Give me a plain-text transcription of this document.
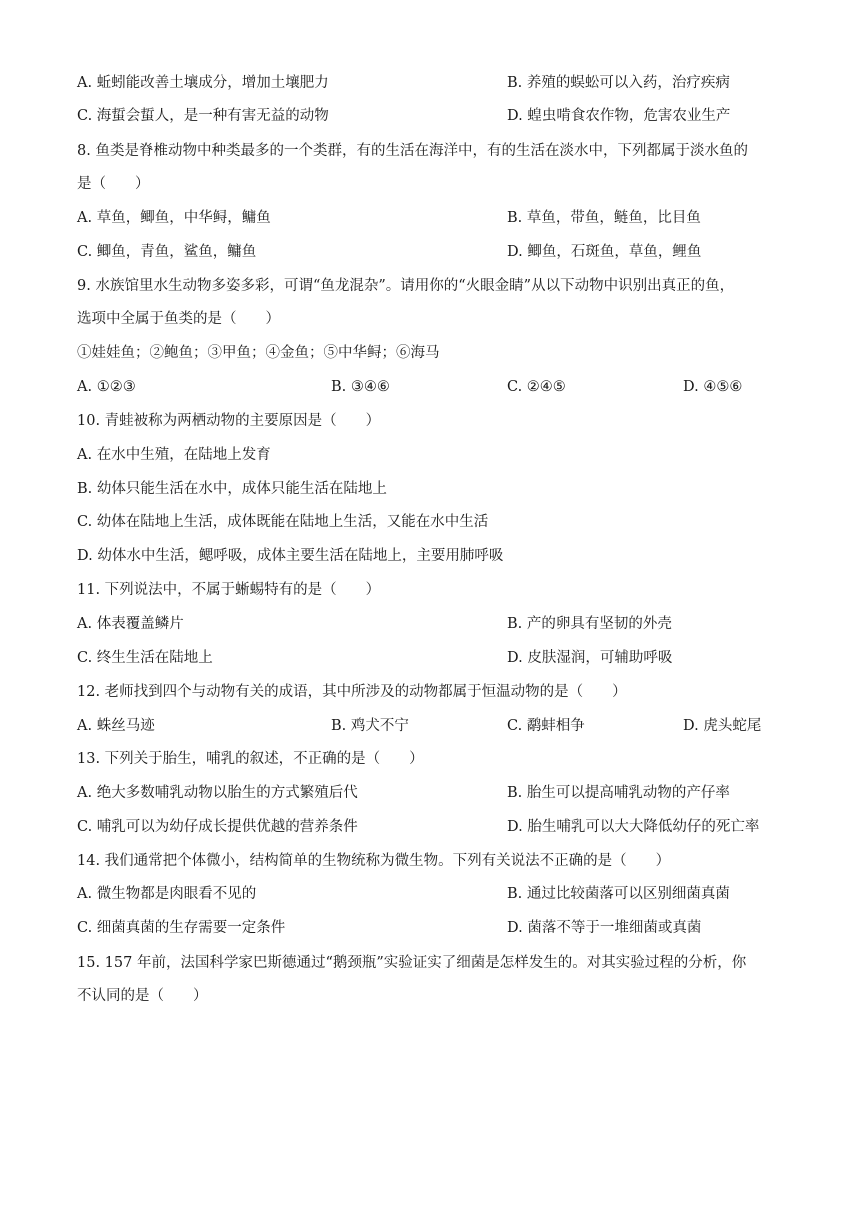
A. 蚯蚓能改善土壤成分，增加土壤肥力	B. 养殖的蜈蚣可以入药，治疗疾病
C. 海蜇会蜇人，是一种有害无益的动物	D. 蝗虫啃食农作物，危害农业生产
8. 鱼类是脊椎动物中种类最多的一个类群，有的生活在海洋中，有的生活在淡水中，下列都属于淡水鱼的
是（　　）
A. 草鱼，鲫鱼，中华鲟，鳙鱼	B. 草鱼，带鱼，鲢鱼，比目鱼
C. 鲫鱼，青鱼，鲨鱼，鳙鱼	D. 鲫鱼，石斑鱼，草鱼，鲤鱼
9. 水族馆里水生动物多姿多彩，可谓“鱼龙混杂”。请用你的“火眼金睛”从以下动物中识别出真正的鱼，
选项中全属于鱼类的是（　　）
①娃娃鱼；②鲍鱼；③甲鱼；④金鱼；⑤中华鲟；⑥海马
A. ①②③	B. ③④⑥	C. ②④⑤	D. ④⑤⑥
10. 青蛙被称为两栖动物的主要原因是（　　）
A. 在水中生殖，在陆地上发育
B. 幼体只能生活在水中，成体只能生活在陆地上
C. 幼体在陆地上生活，成体既能在陆地上生活，又能在水中生活
D. 幼体水中生活，鳃呼吸，成体主要生活在陆地上，主要用肺呼吸
11. 下列说法中，不属于蜥蜴特有的是（　　）
A. 体表覆盖鳞片	B. 产的卵具有坚韧的外壳
C. 终生生活在陆地上	D. 皮肤湿润，可辅助呼吸
12. 老师找到四个与动物有关的成语，其中所涉及的动物都属于恒温动物的是（　　）
A. 蛛丝马迹	B. 鸡犬不宁	C. 鹬蚌相争	D. 虎头蛇尾
13. 下列关于胎生，哺乳的叙述，不正确的是（　　）
A. 绝大多数哺乳动物以胎生的方式繁殖后代	B. 胎生可以提高哺乳动物的产仔率
C. 哺乳可以为幼仔成长提供优越的营养条件	D. 胎生哺乳可以大大降低幼仔的死亡率
14. 我们通常把个体微小，结构简单的生物统称为微生物。下列有关说法不正确的是（　　）
A. 微生物都是肉眼看不见的	B. 通过比较菌落可以区别细菌真菌
C. 细菌真菌的生存需要一定条件	D. 菌落不等于一堆细菌或真菌
15. 157 年前，法国科学家巴斯德通过“鹅颈瓶”实验证实了细菌是怎样发生的。对其实验过程的分析，你
不认同的是（　　）
